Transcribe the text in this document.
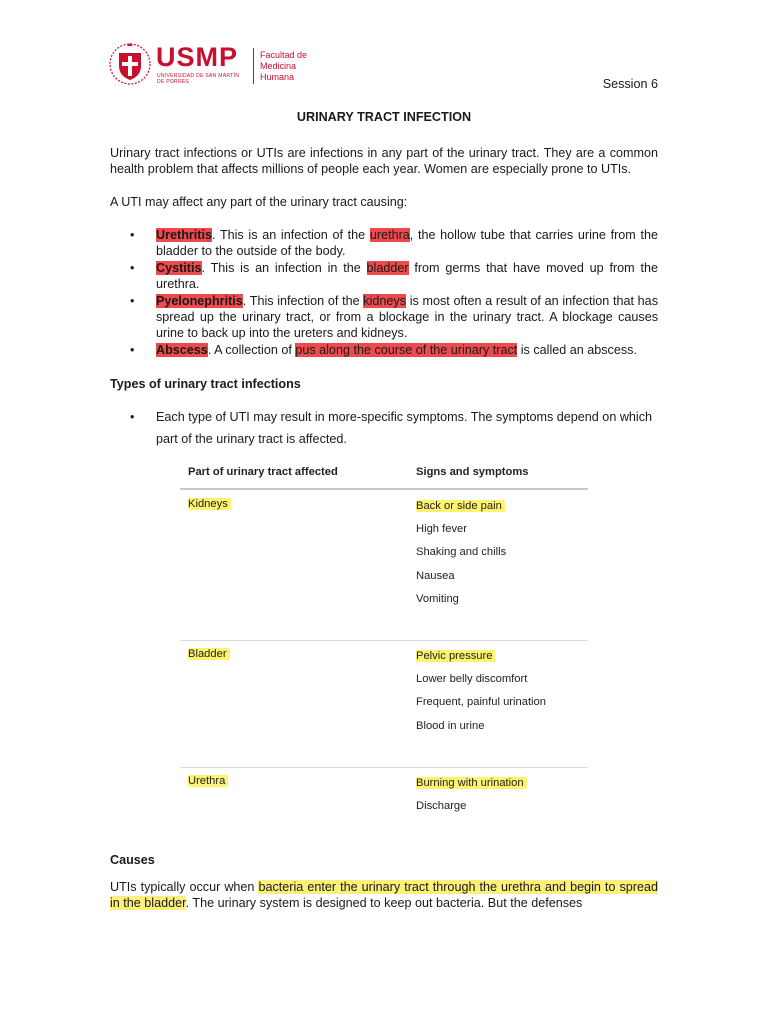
USMP
UNIVERSIDAD DE SAN MARTÍN DE PORRES
Facultad de
Medicina
Humana	Session 6
URINARY TRACT INFECTION
Urinary tract infections or UTIs are infections in any part of the urinary tract. They are a common health problem that affects millions of people each year. Women are especially prone to UTIs.
A UTI may affect any part of the urinary tract causing:
• Urethritis. This is an infection of the urethra, the hollow tube that carries urine from the bladder to the outside of the body.
• Cystitis. This is an infection in the bladder from germs that have moved up from the urethra.
• Pyelonephritis. This infection of the kidneys is most often a result of an infection that has spread up the urinary tract, or from a blockage in the urinary tract. A blockage causes urine to back up into the ureters and kidneys.
• Abscess. A collection of pus along the course of the urinary tract is called an abscess.
Types of urinary tract infections
• Each type of UTI may result in more-specific symptoms. The symptoms depend on which part of the urinary tract is affected.
Part of urinary tract affected	Signs and symptoms
Kidneys	Back or side pain
High fever
Shaking and chills
Nausea
Vomiting
Bladder	Pelvic pressure
Lower belly discomfort
Frequent, painful urination
Blood in urine
Urethra	Burning with urination
Discharge
Causes
UTIs typically occur when bacteria enter the urinary tract through the urethra and begin to spread in the bladder. The urinary system is designed to keep out bacteria. But the defenses
